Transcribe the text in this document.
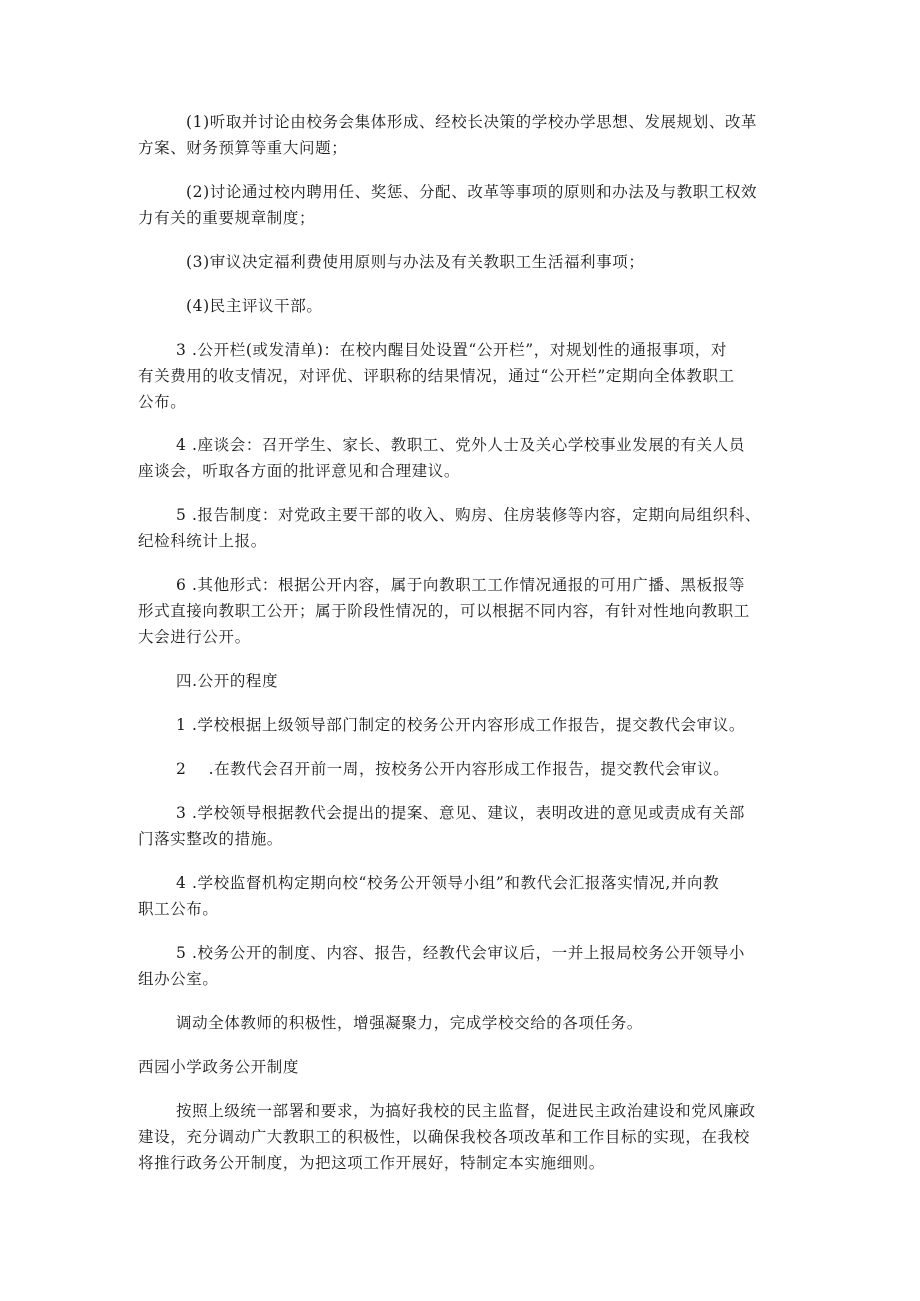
(1)听取并讨论由校务会集体形成、经校长决策的学校办学思想、发展规划、改革
方案、财务预算等重大问题；
(2)讨论通过校内聘用任、奖惩、分配、改革等事项的原则和办法及与教职工权效
力有关的重要规章制度；
(3)审议决定福利费使用原则与办法及有关教职工生活福利事项；
(4)民主评议干部。
3 .公开栏(或发清单)：在校内醒目处设置“公开栏”，对规划性的通报事项，对
有关费用的收支情况，对评优、评职称的结果情况，通过“公开栏”定期向全体教职工
公布。
4 .座谈会：召开学生、家长、教职工、党外人士及关心学校事业发展的有关人员
座谈会，听取各方面的批评意见和合理建议。
5 .报告制度：对党政主要干部的收入、购房、住房装修等内容，定期向局组织科、
纪检科统计上报。
6 .其他形式：根据公开内容，属于向教职工工作情况通报的可用广播、黑板报等
形式直接向教职工公开；属于阶段性情况的，可以根据不同内容，有针对性地向教职工
大会进行公开。
四.公开的程度
1 .学校根据上级领导部门制定的校务公开内容形成工作报告，提交教代会审议。
2    .在教代会召开前一周，按校务公开内容形成工作报告，提交教代会审议。
3 .学校领导根据教代会提出的提案、意见、建议，表明改进的意见或责成有关部
门落实整改的措施。
4 .学校监督机构定期向校“校务公开领导小组”和教代会汇报落实情况,并向教
职工公布。
5 .校务公开的制度、内容、报告，经教代会审议后，一并上报局校务公开领导小
组办公室。
调动全体教师的积极性，增强凝聚力，完成学校交给的各项任务。
西园小学政务公开制度
按照上级统一部署和要求，为搞好我校的民主监督，促进民主政治建设和党风廉政
建设，充分调动广大教职工的积极性，以确保我校各项改革和工作目标的实现，在我校
将推行政务公开制度，为把这项工作开展好，特制定本实施细则。
